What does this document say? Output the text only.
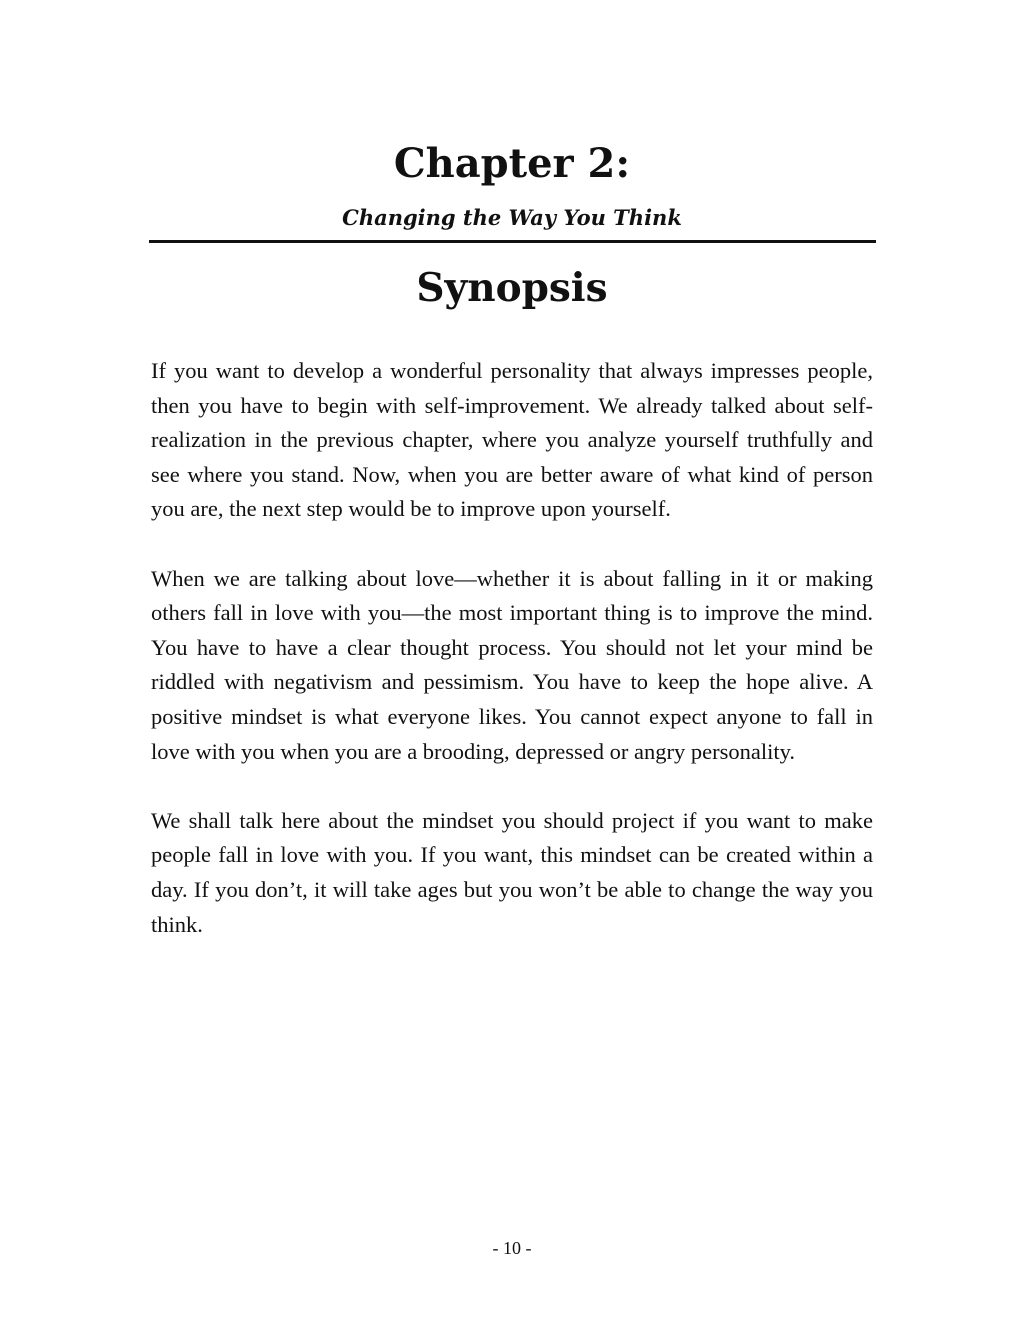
Chapter 2:
Changing the Way You Think
Synopsis

If you want to develop a wonderful personality that always impresses people, then you have to begin with self-improvement. We already talked about self-realization in the previous chapter, where you analyze yourself truthfully and see where you stand. Now, when you are better aware of what kind of person you are, the next step would be to improve upon yourself.

When we are talking about love—whether it is about falling in it or making others fall in love with you—the most important thing is to improve the mind. You have to have a clear thought process. You should not let your mind be riddled with negativism and pessimism. You have to keep the hope alive. A positive mindset is what everyone likes. You cannot expect anyone to fall in love with you when you are a brooding, depressed or angry personality.

We shall talk here about the mindset you should project if you want to make people fall in love with you. If you want, this mindset can be created within a day. If you don’t, it will take ages but you won’t be able to change the way you think.

- 10 -
